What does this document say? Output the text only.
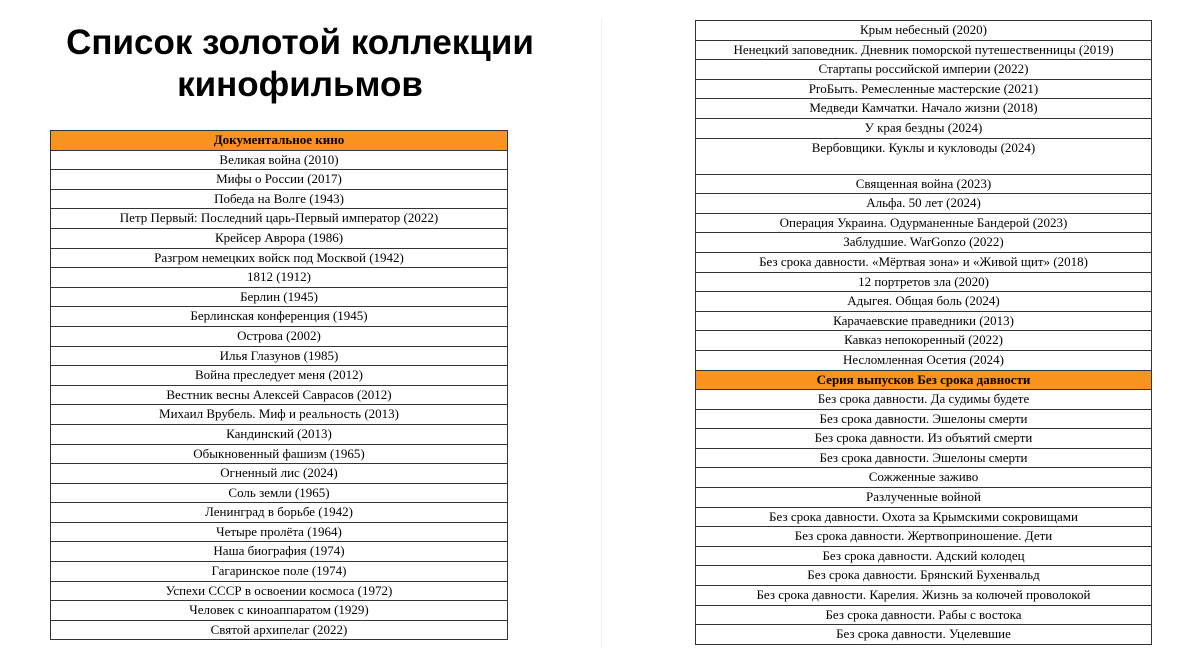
Список золотой коллекции
кинофильмов
Документальное кино
Великая война (2010)
Мифы о России (2017)
Победа на Волге (1943)
Петр Первый: Последний царь-Первый император (2022)
Крейсер Аврора (1986)
Разгром немецких войск под Москвой (1942)
1812 (1912)
Берлин (1945)
Берлинская конференция (1945)
Острова (2002)
Илья Глазунов (1985)
Война преследует меня (2012)
Вестник весны Алексей Саврасов (2012)
Михаил Врубель. Миф и реальность (2013)
Кандинский (2013)
Обыкновенный фашизм (1965)
Огненный лис (2024)
Соль земли (1965)
Ленинград в борьбе (1942)
Четыре пролёта (1964)
Наша биография (1974)
Гагаринское поле (1974)
Успехи СССР в освоении космоса (1972)
Человек с киноаппаратом (1929)
Святой архипелаг (2022)
Крым небесный (2020)
Ненецкий заповедник. Дневник поморской путешественницы (2019)
Стартапы российской империи (2022)
ProБыть. Ремесленные мастерские (2021)
Медведи Камчатки. Начало жизни (2018)
У края бездны (2024)
Вербовщики. Куклы и кукловоды (2024)
Священная война (2023)
Альфа. 50 лет (2024)
Операция Украина. Одурманенные Бандерой (2023)
Заблудшие. WarGonzo (2022)
Без срока давности. «Мёртвая зона» и «Живой щит» (2018)
12 портретов зла (2020)
Адыгея. Общая боль (2024)
Карачаевские праведники (2013)
Кавказ непокоренный (2022)
Несломленная Осетия (2024)
Серия выпусков Без срока давности
Без срока давности. Да судимы будете
Без срока давности. Эшелоны смерти
Без срока давности. Из объятий смерти
Без срока давности. Эшелоны смерти
Сожженные заживо
Разлученные войной
Без срока давности. Охота за Крымскими сокровищами
Без срока давности. Жертвоприношение. Дети
Без срока давности. Адский колодец
Без срока давности. Брянский Бухенвальд
Без срока давности. Карелия. Жизнь за колючей проволокой
Без срока давности. Рабы с востока
Без срока давности. Уцелевшие
